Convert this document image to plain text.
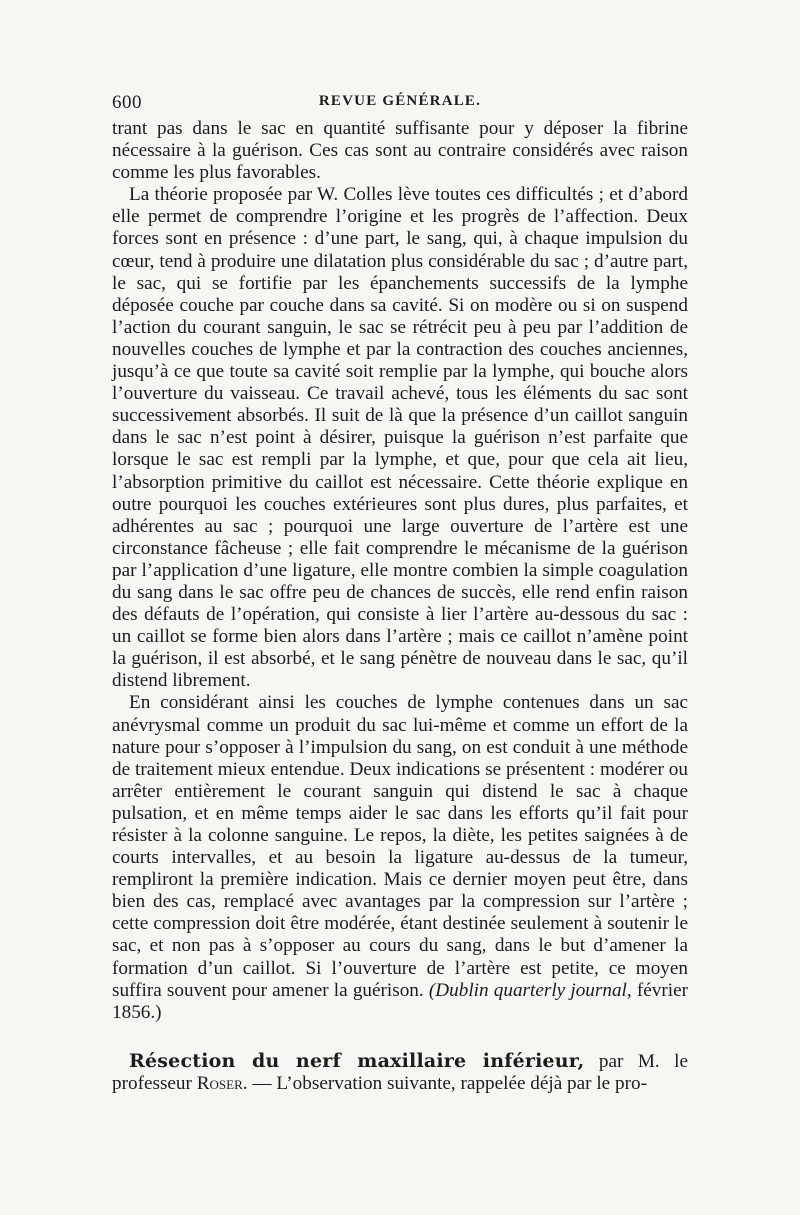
600	REVUE GÉNÉRALE.

trant pas dans le sac en quantité suffisante pour y déposer la fibrine nécessaire à la guérison. Ces cas sont au contraire considérés avec raison comme les plus favorables.

La théorie proposée par W. Colles lève toutes ces difficultés ; et d’abord elle permet de comprendre l’origine et les progrès de l’affection. Deux forces sont en présence : d’une part, le sang, qui, à chaque impulsion du cœur, tend à produire une dilatation plus considérable du sac ; d’autre part, le sac, qui se fortifie par les épanchements successifs de la lymphe déposée couche par couche dans sa cavité. Si on modère ou si on suspend l’action du courant sanguin, le sac se rétrécit peu à peu par l’addition de nouvelles couches de lymphe et par la contraction des couches anciennes, jusqu’à ce que toute sa cavité soit remplie par la lymphe, qui bouche alors l’ouverture du vaisseau. Ce travail achevé, tous les éléments du sac sont successivement absorbés. Il suit de là que la présence d’un caillot sanguin dans le sac n’est point à désirer, puisque la guérison n’est parfaite que lorsque le sac est rempli par la lymphe, et que, pour que cela ait lieu, l’absorption primitive du caillot est nécessaire. Cette théorie explique en outre pourquoi les couches extérieures sont plus dures, plus parfaites, et adhérentes au sac ; pourquoi une large ouverture de l’artère est une circonstance fâcheuse ; elle fait comprendre le mécanisme de la guérison par l’application d’une ligature, elle montre combien la simple coagulation du sang dans le sac offre peu de chances de succès, elle rend enfin raison des défauts de l’opération, qui consiste à lier l’artère au-dessous du sac : un caillot se forme bien alors dans l’artère ; mais ce caillot n’amène point la guérison, il est absorbé, et le sang pénètre de nouveau dans le sac, qu’il distend librement.

En considérant ainsi les couches de lymphe contenues dans un sac anévrysmal comme un produit du sac lui-même et comme un effort de la nature pour s’opposer à l’impulsion du sang, on est conduit à une méthode de traitement mieux entendue. Deux indications se présentent : modérer ou arrêter entièrement le courant sanguin qui distend le sac à chaque pulsation, et en même temps aider le sac dans les efforts qu’il fait pour résister à la colonne sanguine. Le repos, la diète, les petites saignées à de courts intervalles, et au besoin la ligature au-dessus de la tumeur, rempliront la première indication. Mais ce dernier moyen peut être, dans bien des cas, remplacé avec avantages par la compression sur l’artère ; cette compression doit être modérée, étant destinée seulement à soutenir le sac, et non pas à s’opposer au cours du sang, dans le but d’amener la formation d’un caillot. Si l’ouverture de l’artère est petite, ce moyen suffira souvent pour amener la guérison. (Dublin quarterly journal, février 1856.)

Résection du nerf maxillaire inférieur, par M. le professeur Roser. — L’observation suivante, rappelée déjà par le pro-
